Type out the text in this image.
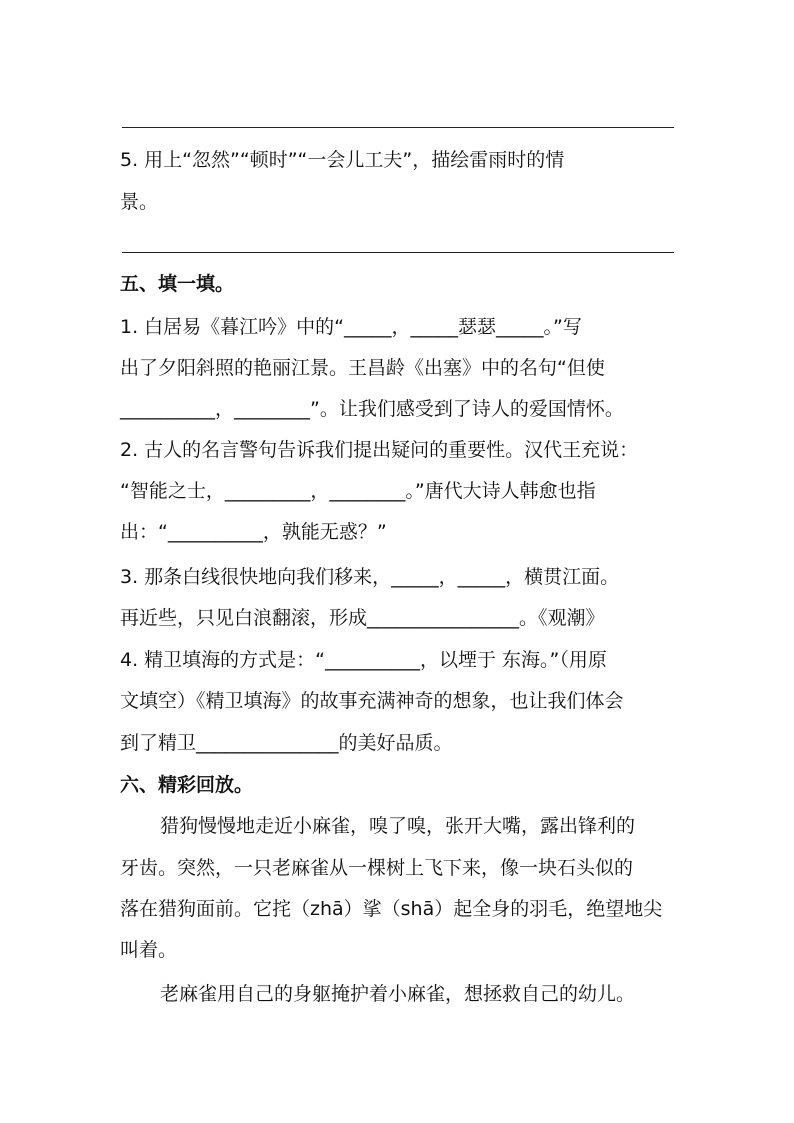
5. 用上“忽然”“顿时”“一会儿工夫”，描绘雷雨时的情
景。
五、填一填。
1. 白居易《暮江吟》中的“_____，_____瑟瑟_____。”写
出了夕阳斜照的艳丽江景。王昌龄《出塞》中的名句“但使
__________，________”。让我们感受到了诗人的爱国情怀。
2. 古人的名言警句告诉我们提出疑问的重要性。汉代王充说：
“智能之士，_________，________。”唐代大诗人韩愈也指
出：“__________，孰能无惑？”
3. 那条白线很快地向我们移来，_____，_____，横贯江面。
再近些，只见白浪翻滚，形成________________。《观潮》
4. 精卫填海的方式是：“__________，以堙于 东海。”（用原
文填空）《精卫填海》的故事充满神奇的想象，也让我们体会
到了精卫_______________的美好品质。
六、精彩回放。
猎狗慢慢地走近小麻雀，嗅了嗅，张开大嘴，露出锋利的
牙齿。突然，一只老麻雀从一棵树上飞下来，像一块石头似的
落在猎狗面前。它挓（zhā）挲（shā）起全身的羽毛，绝望地尖
叫着。
老麻雀用自己的身躯掩护着小麻雀，想拯救自己的幼儿。
